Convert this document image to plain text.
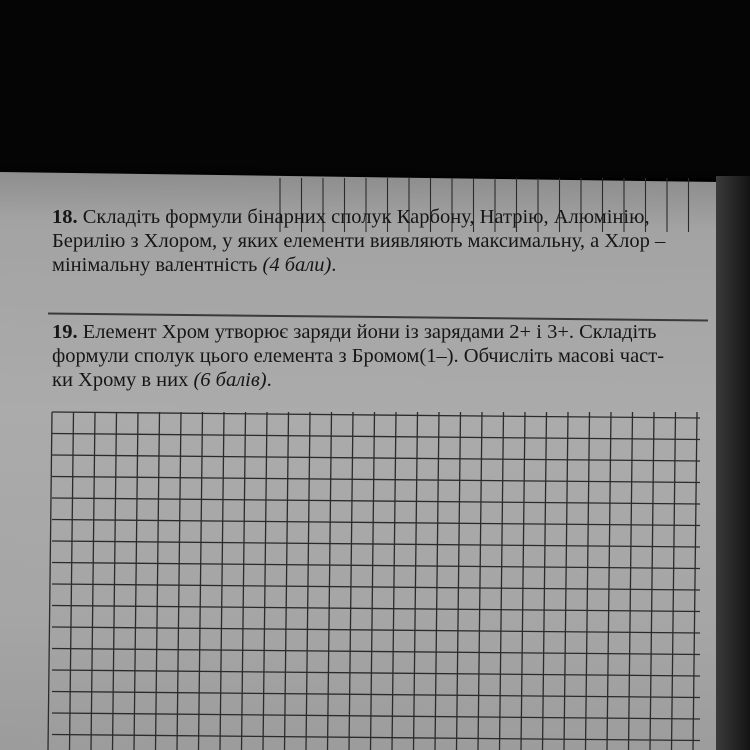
18. Складіть формули бінарних сполук Карбону, Натрію, Алюмінію,
Берилію з Хлором, у яких елементи виявляють максимальну, а Хлор –
мінімальну валентність (4 бали).
19. Елемент Хром утворює заряди йони із зарядами 2+ і 3+. Складіть
формули сполук цього елемента з Бромом(1–). Обчисліть масові част-
ки Хрому в них (6 балів).
